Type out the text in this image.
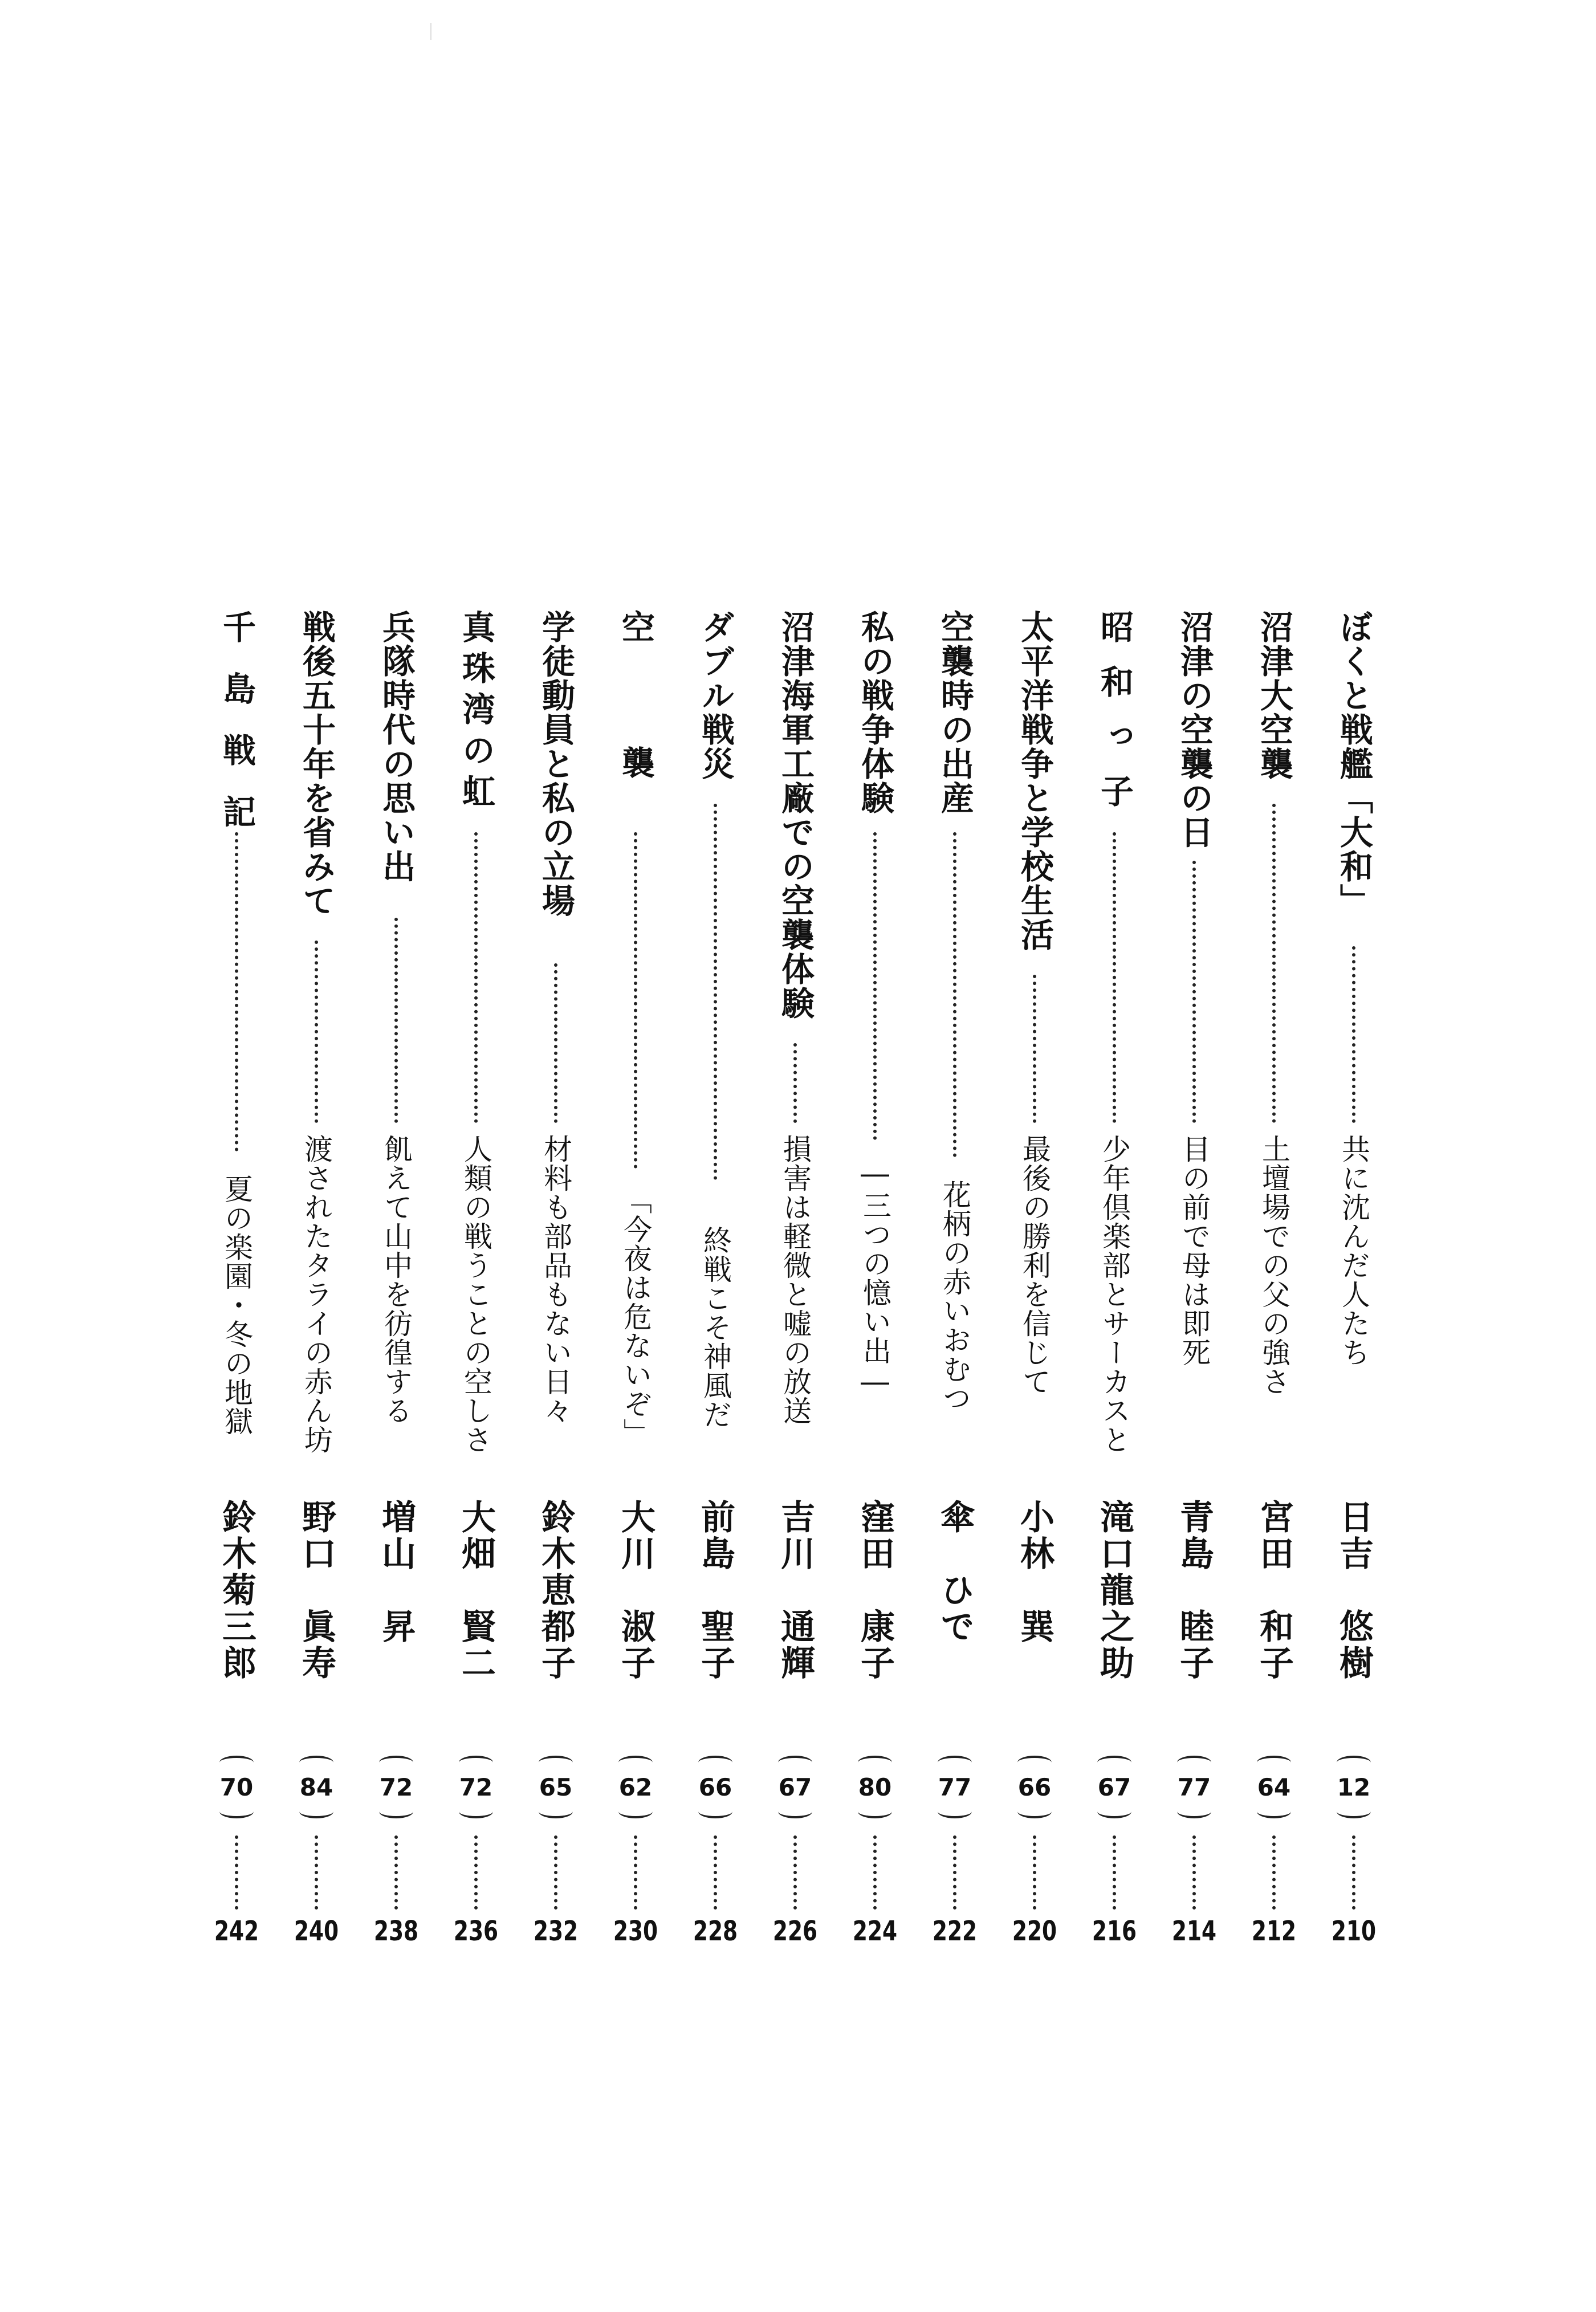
ぼくと戦艦「大和」
共に沈んだ人たち
日吉　悠樹
12
210
沼津大空襲
土壇場での父の強さ
宮田　和子
64
212
沼津の空襲の日
目の前で母は即死
青島　睦子
77
214
昭和っ子
少年倶楽部とサーカスと
滝口龍之助
67
216
太平洋戦争と学校生活
最後の勝利を信じて
小林　巽
66
220
空襲時の出産
花柄の赤いおむつ
傘　ひで
77
222
私の戦争体験
―三つの憶い出―
窪田　康子
80
224
沼津海軍工廠での空襲体験
損害は軽微と嘘の放送
吉川　通輝
67
226
ダブル戦災
終戦こそ神風だ
前島　聖子
66
228
空襲
「今夜は危ないぞ」
大川　淑子
62
230
学徒動員と私の立場
材料も部品もない日々
鈴木恵都子
65
232
真珠湾の虹
人類の戦うことの空しさ
大畑　賢二
72
236
兵隊時代の思い出
飢えて山中を彷徨する
増山　昇
72
238
戦後五十年を省みて
渡されたタライの赤ん坊
野口　眞寿
84
240
千島戦記
夏の楽園・冬の地獄
鈴木菊三郎
70
242
